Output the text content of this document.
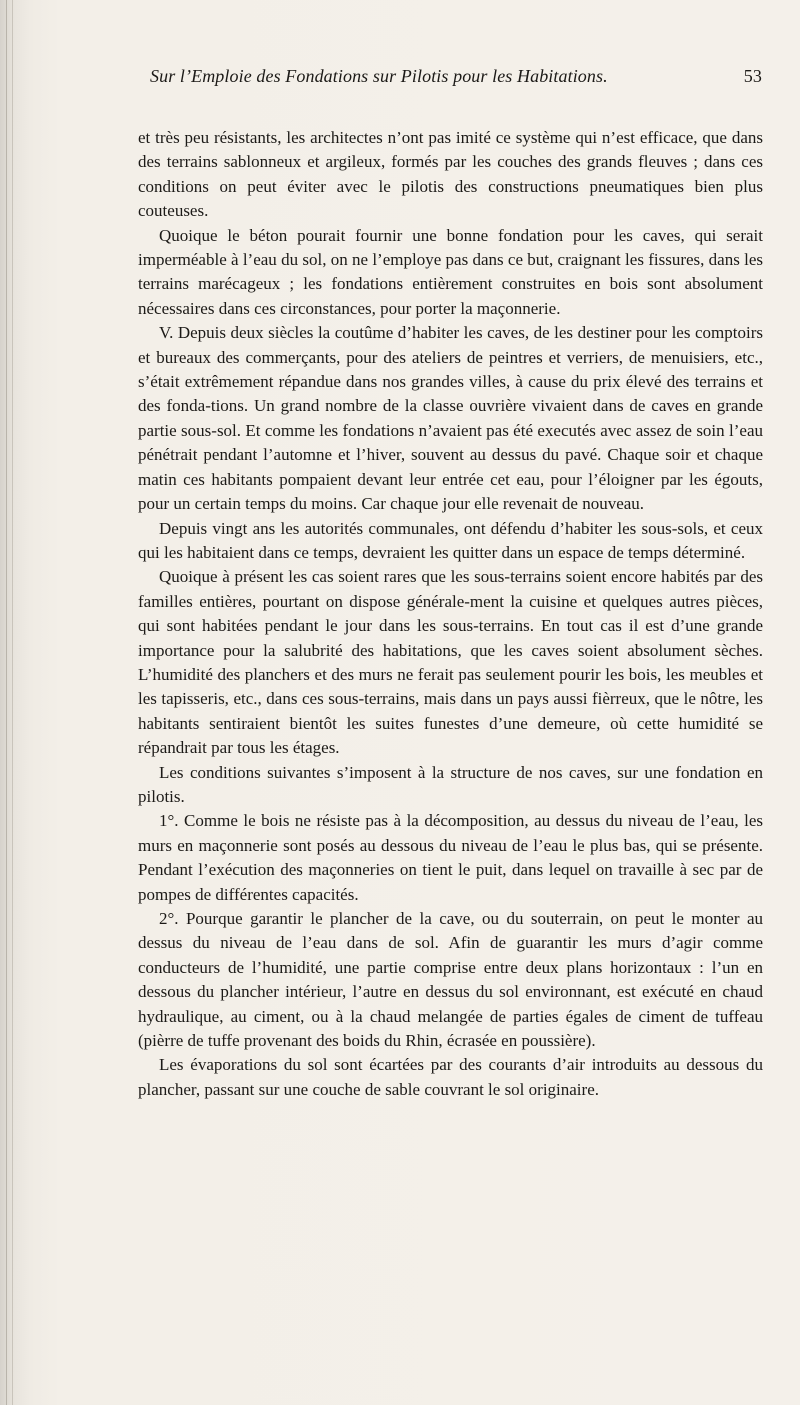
Sur l’Emploie des Fondations sur Pilotis pour les Habitations.	53

et très peu résistants, les architectes n’ont pas imité ce système qui n’est efficace, que dans des terrains sablonneux et argileux, formés par les couches des grands fleuves ; dans ces conditions on peut éviter avec le pilotis des constructions pneumatiques bien plus couteuses.

Quoique le béton pourait fournir une bonne fondation pour les caves, qui serait imperméable à l’eau du sol, on ne l’employe pas dans ce but, craignant les fissures, dans les terrains marécageux ; les fondations entièrement construites en bois sont absolument nécessaires dans ces circonstances, pour porter la maçonnerie.

V. Depuis deux siècles la coutûme d’habiter les caves, de les destiner pour les comptoirs et bureaux des commerçants, pour des ateliers de peintres et verriers, de menuisiers, etc., s’était extrêmement répandue dans nos grandes villes, à cause du prix élevé des terrains et des fonda-tions. Un grand nombre de la classe ouvrière vivaient dans de caves en grande partie sous-sol. Et comme les fondations n’avaient pas été executés avec assez de soin l’eau pénétrait pendant l’automne et l’hiver, souvent au dessus du pavé. Chaque soir et chaque matin ces habitants pompaient devant leur entrée cet eau, pour l’éloigner par les égouts, pour un certain temps du moins. Car chaque jour elle revenait de nouveau.

Depuis vingt ans les autorités communales, ont défendu d’habiter les sous-sols, et ceux qui les habitaient dans ce temps, devraient les quitter dans un espace de temps déterminé.

Quoique à présent les cas soient rares que les sous-terrains soient encore habités par des familles entières, pourtant on dispose générale-ment la cuisine et quelques autres pièces, qui sont habitées pendant le jour dans les sous-terrains. En tout cas il est d’une grande importance pour la salubrité des habitations, que les caves soient absolument sèches. L’humidité des planchers et des murs ne ferait pas seulement pourir les bois, les meubles et les tapisseris, etc., dans ces sous-terrains, mais dans un pays aussi fièrreux, que le nôtre, les habitants sentiraient bientôt les suites funestes d’une demeure, où cette humidité se répandrait par tous les étages.

Les conditions suivantes s’imposent à la structure de nos caves, sur une fondation en pilotis.

1°. Comme le bois ne résiste pas à la décomposition, au dessus du niveau de l’eau, les murs en maçonnerie sont posés au dessous du niveau de l’eau le plus bas, qui se présente. Pendant l’exécution des maçonneries on tient le puit, dans lequel on travaille à sec par de pompes de différentes capacités.

2°. Pourque garantir le plancher de la cave, ou du souterrain, on peut le monter au dessus du niveau de l’eau dans de sol. Afin de guarantir les murs d’agir comme conducteurs de l’humidité, une partie comprise entre deux plans horizontaux : l’un en dessous du plancher intérieur, l’autre en dessus du sol environnant, est exécuté en chaud hydraulique, au ciment, ou à la chaud melangée de parties égales de ciment de tuffeau (pièrre de tuffe provenant des boids du Rhin, écrasée en poussière).

Les évaporations du sol sont écartées par des courants d’air introduits au dessous du plancher, passant sur une couche de sable couvrant le sol originaire.
